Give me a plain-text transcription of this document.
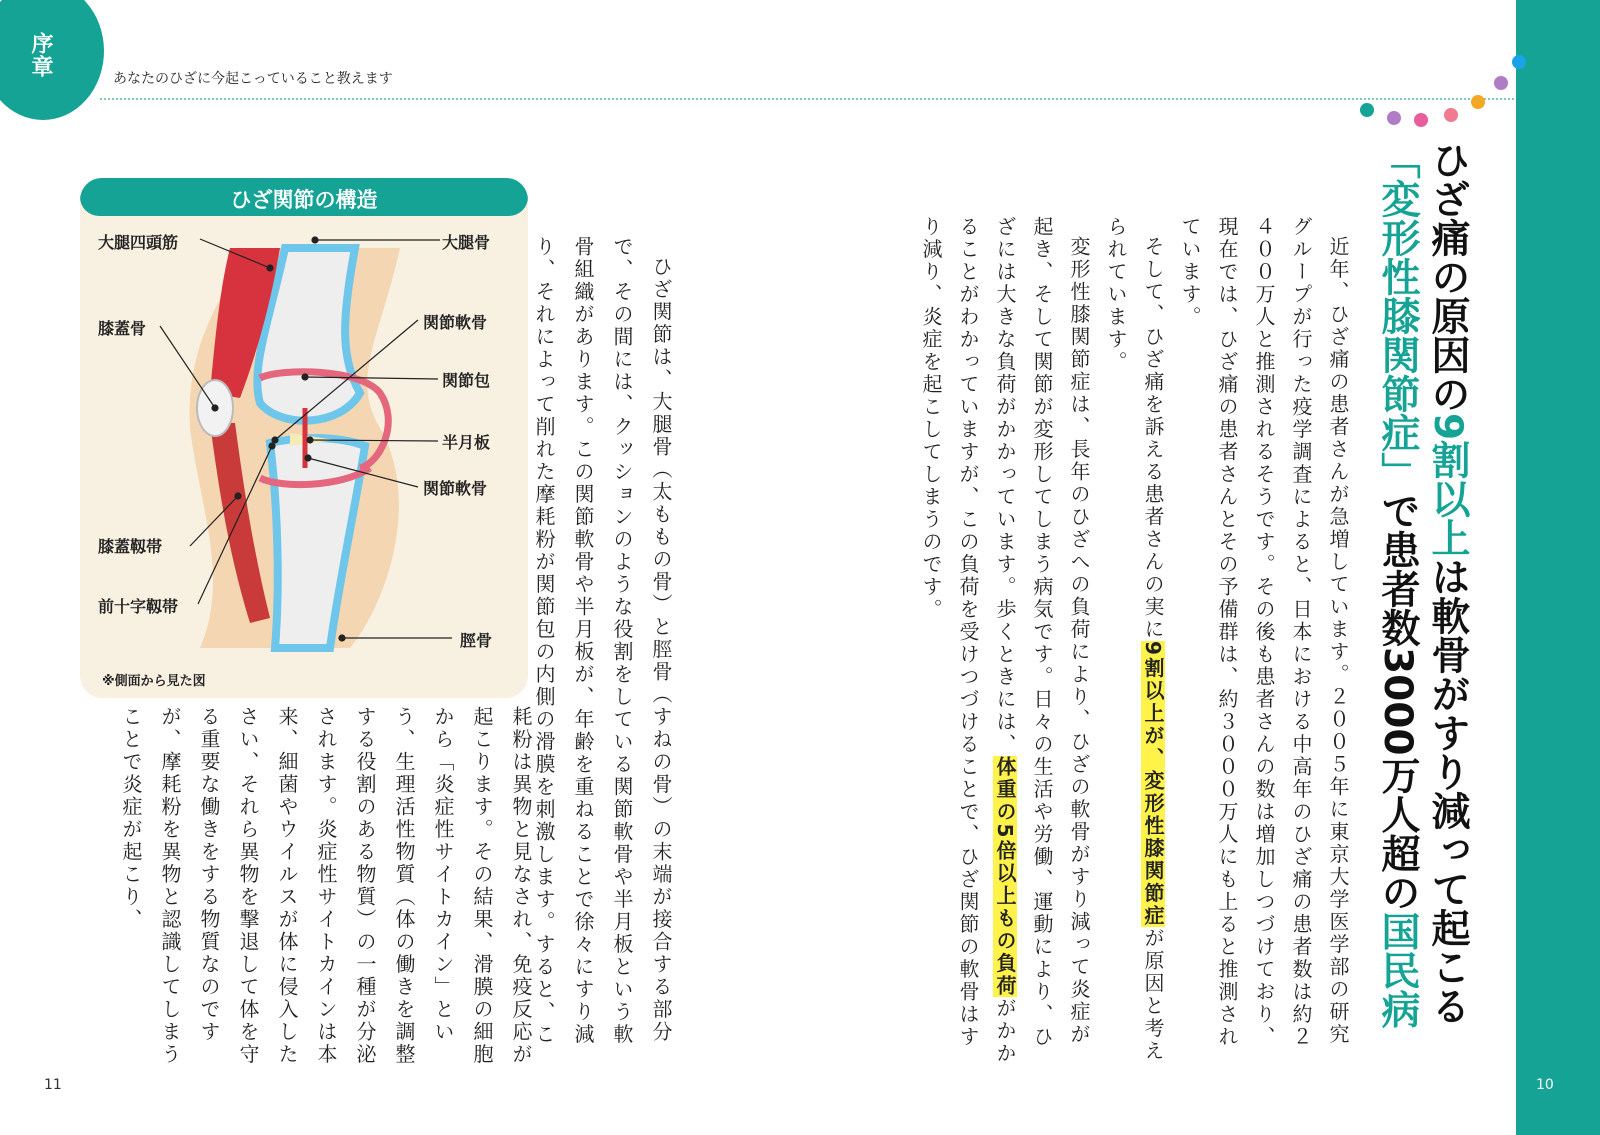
序章
あなたのひざに今起こっていること教えます
ひざ痛の原因の9割以上は軟骨がすり減って起こる
「変形性膝関節症」で患者数3000万人超の国民病

近年、ひざ痛の患者さんが急増しています。２００５年に東京大学医学部の研究グループが行った疫学調査によると、日本における中高年のひざ痛の患者数は約２４００万人と推測されるそうです。その後も患者さんの数は増加しつづけており、現在では、ひざ痛の患者さんとその予備群は、約３０００万人にも上ると推測されています。

そして、ひざ痛を訴える患者さんの実に9割以上が、変形性膝関節症が原因と考えられています。

変形性膝関節症は、長年のひざへの負荷により、ひざの軟骨がすり減って炎症が起き、そして関節が変形してしまう病気です。日々の生活や労働、運動により、ひざには大きな負荷がかかっています。歩くときには、体重の5倍以上もの負荷がかかることがわかっていますが、この負荷を受けつづけることで、ひざ関節の軟骨はすり減り、炎症を起こしてしまうのです。

ひざ関節は、大腿骨（太ももの骨）と脛骨（すねの骨）の末端が接合する部分で、その間には、クッションのような役割をしている関節軟骨や半月板という軟骨組織があります。この関節軟骨や半月板が、年齢を重ねることで徐々にすり減り、それによって削れた摩耗粉が関節包の内側の滑膜を刺激します。すると、こ

耗粉は異物と見なされ、免疫反応が起こります。その結果、滑膜の細胞から「炎症性サイトカイン」という、生理活性物質（体の働きを調整する役割のある物質）の一種が分泌されます。炎症性サイトカインは本来、細菌やウイルスが体に侵入したさい、それら異物を撃退して体を守る重要な働きをする物質なのですが、摩耗粉を異物と認識してしまうことで炎症が起こり、

ひざ関節の構造
大腿四頭筋
膝蓋骨
膝蓋靱帯
前十字靱帯
大腿骨
関節軟骨
関節包
半月板
関節軟骨
脛骨
※側面から見た図
11	10
